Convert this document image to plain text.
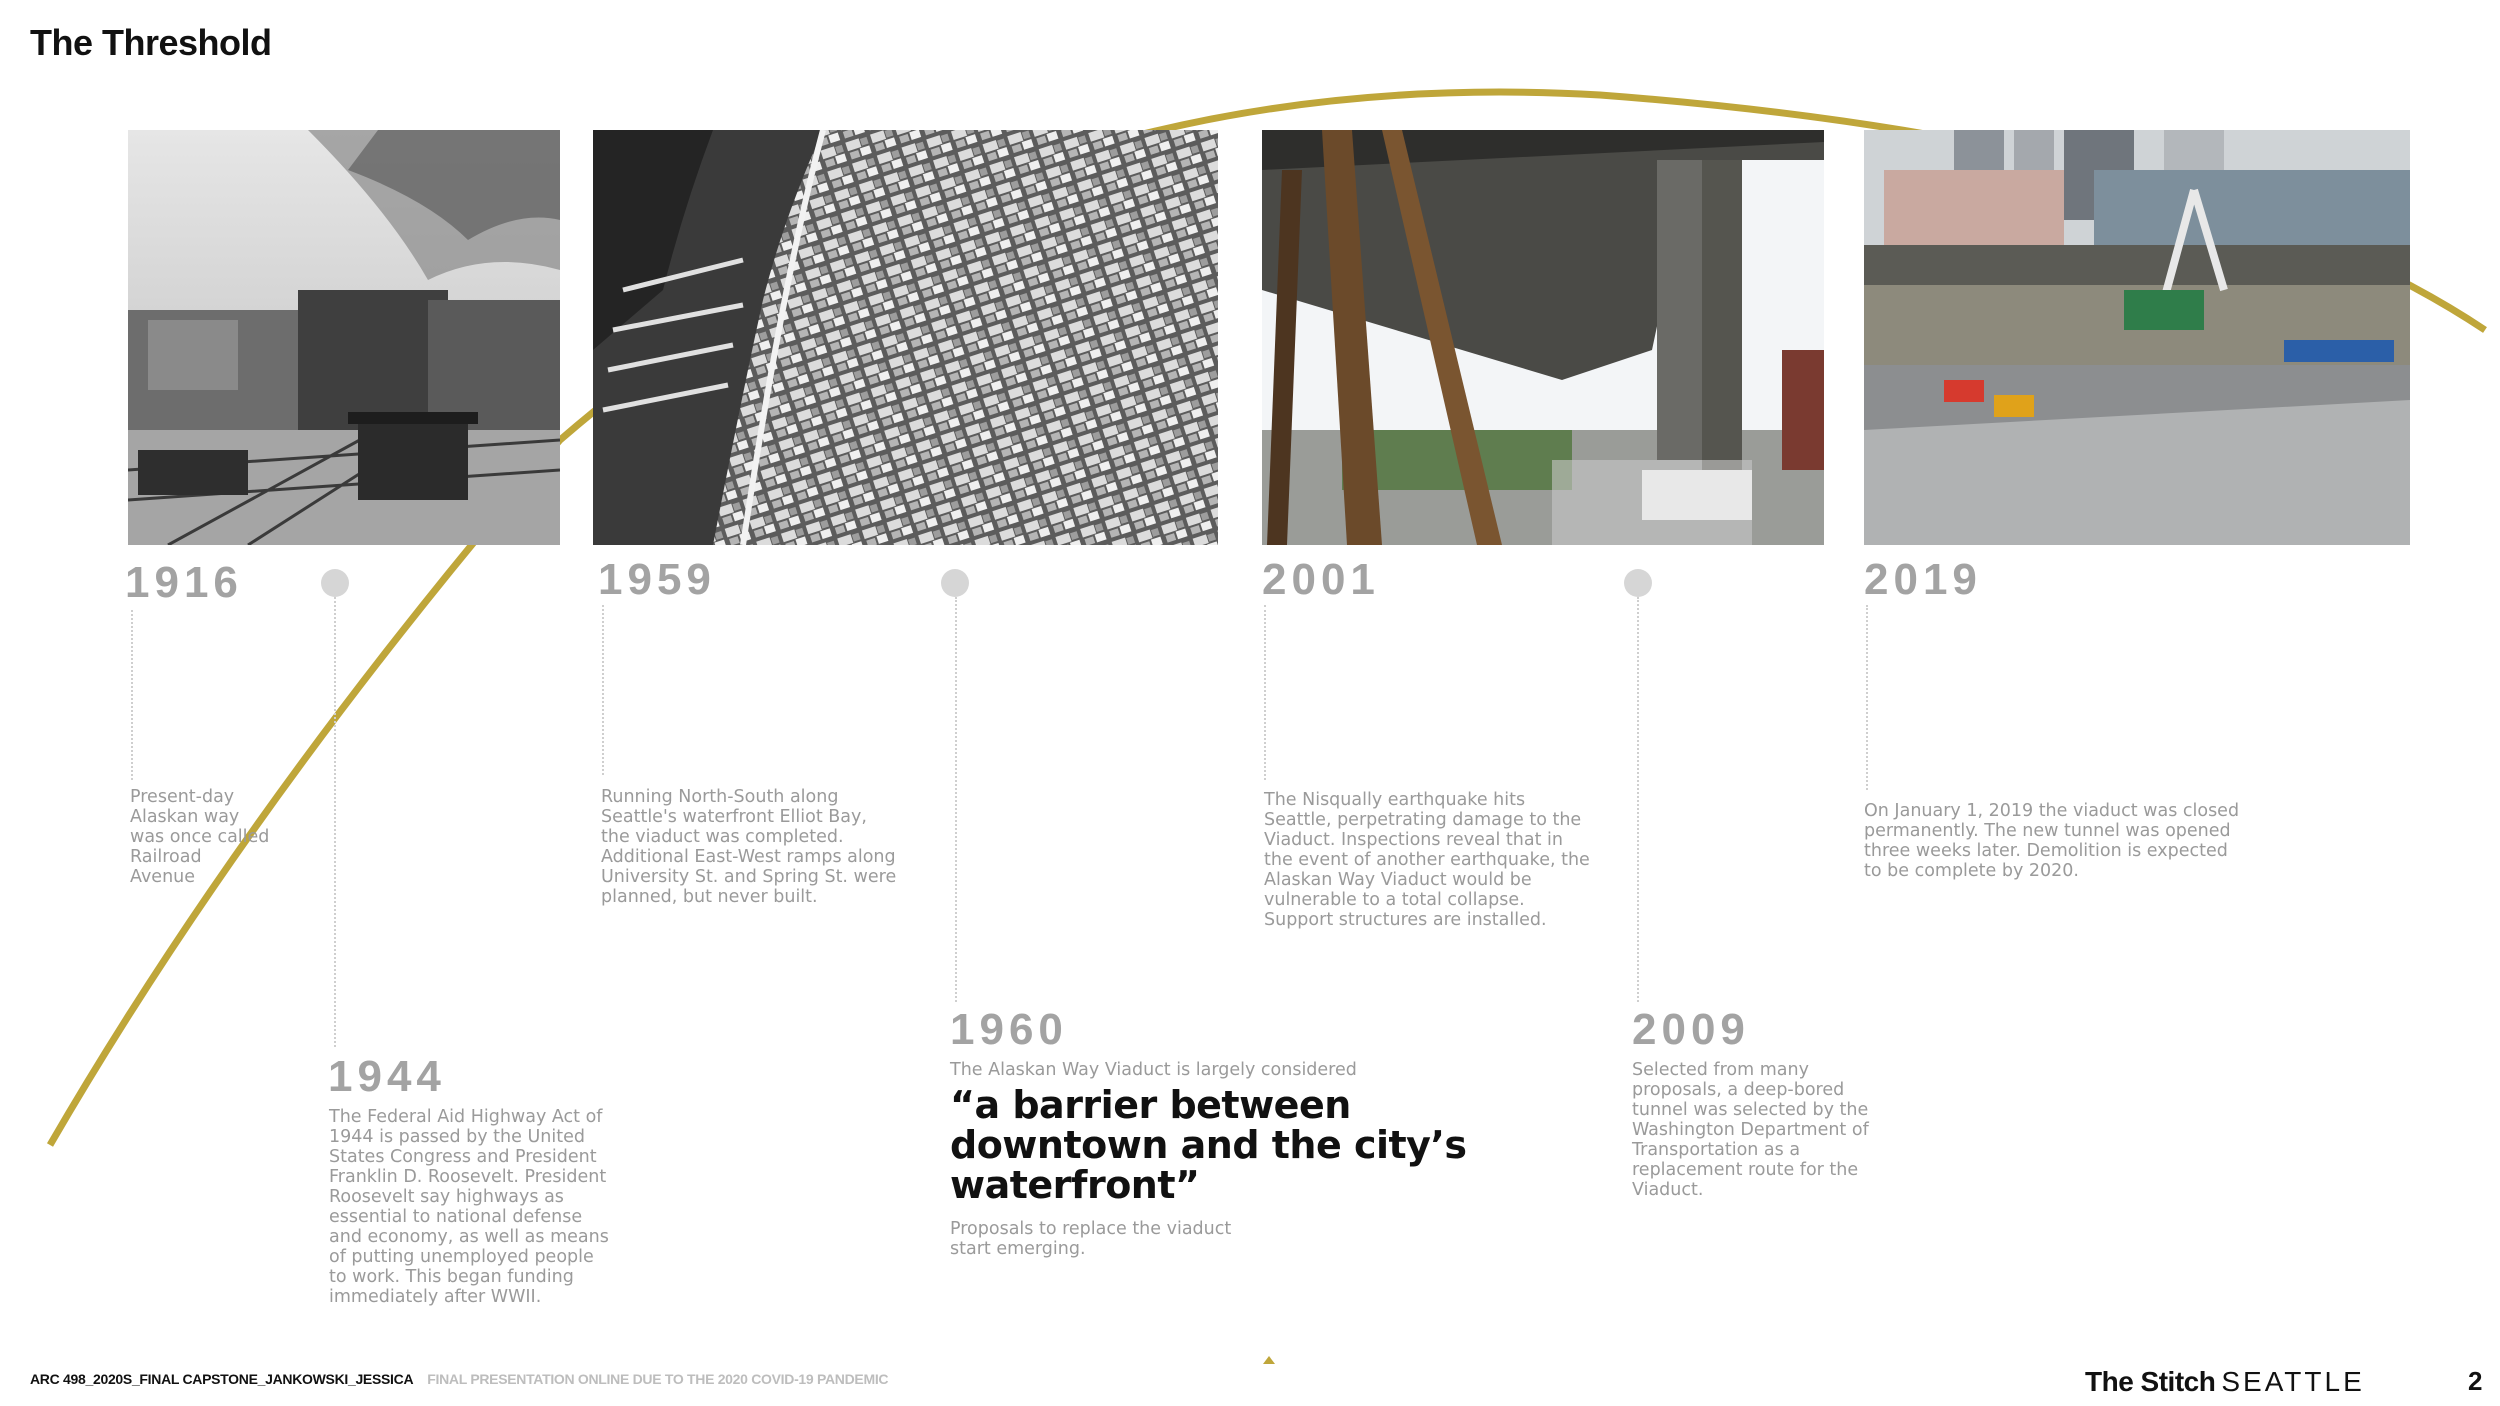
The Threshold
1916	1959	2001	2019
1944
1960	2009
Present-day Alaskan way was once called Railroad Avenue
Running North-South along Seattle's waterfront Elliot Bay, the viaduct was completed. Additional East-West ramps along University St. and Spring St. were planned, but never built.
The Nisqually earthquake hits Seattle, perpetrating damage to the Viaduct. Inspections reveal that in the event of another earthquake, the Alaskan Way Viaduct would be vulnerable to a total collapse. Support structures are installed.
On January 1, 2019 the viaduct was closed permanently. The new tunnel was opened three weeks later. Demolition is expected to be complete by 2020.
The Federal Aid Highway Act of 1944 is passed by the United States Congress and President Franklin D. Roosevelt. President Roosevelt say highways as essential to national defense and economy, as well as means of putting unemployed people to work. This began funding immediately after WWII.
The Alaskan Way Viaduct is largely considered
“a barrier between downtown and the city’s waterfront”
Proposals to replace the viaduct start emerging.
Selected from many proposals, a deep-bored tunnel was selected by the Washington Department of Transportation as a replacement route for the Viaduct.
ARC 498_2020S_FINAL CAPSTONE_JANKOWSKI_JESSICA FINAL PRESENTATION ONLINE DUE TO THE 2020 COVID-19 PANDEMIC	The Stitch SEATTLE	2
